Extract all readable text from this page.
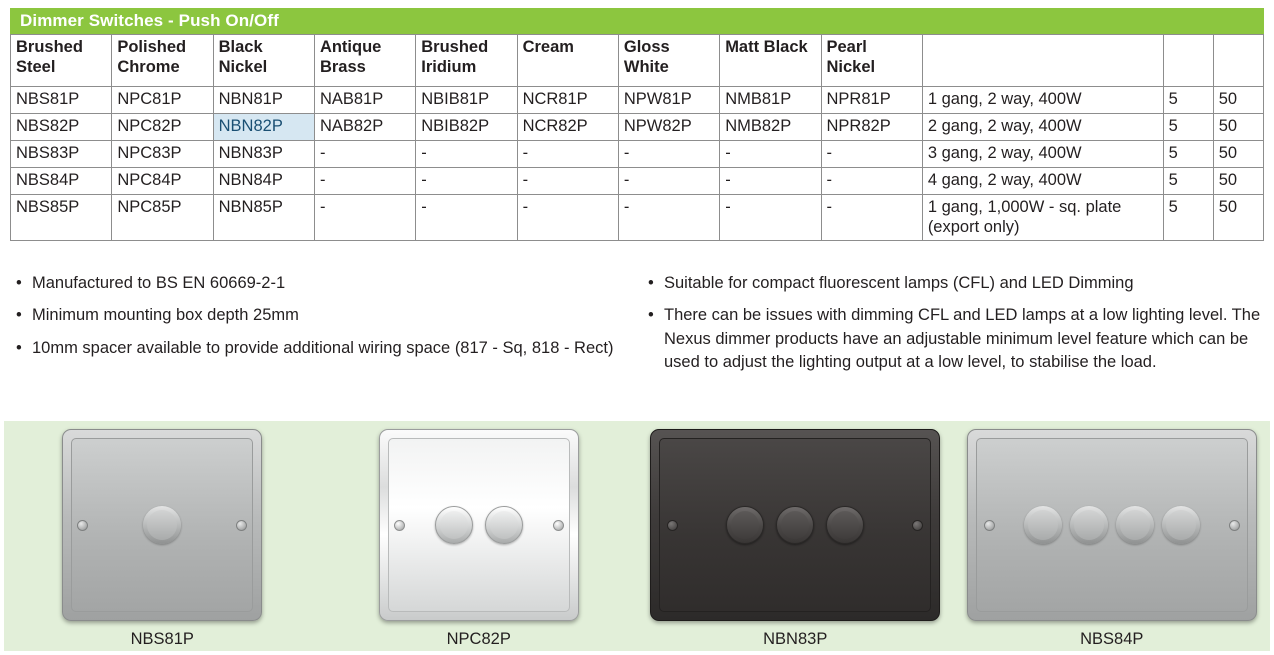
Dimmer Switches - Push On/Off
Brushed Steel	Polished Chrome	Black Nickel	Antique Brass	Brushed Iridium	Cream	Gloss White	Matt Black	Pearl Nickel			
NBS81P	NPC81P	NBN81P	NAB81P	NBIB81P	NCR81P	NPW81P	NMB81P	NPR81P	1 gang, 2 way, 400W	5	50
NBS82P	NPC82P	NBN82P	NAB82P	NBIB82P	NCR82P	NPW82P	NMB82P	NPR82P	2 gang, 2 way, 400W	5	50
NBS83P	NPC83P	NBN83P	-	-	-	-	-	-	3 gang, 2 way, 400W	5	50
NBS84P	NPC84P	NBN84P	-	-	-	-	-	-	4 gang, 2 way, 400W	5	50
NBS85P	NPC85P	NBN85P	-	-	-	-	-	-	1 gang, 1,000W - sq. plate (export only)	5	50
• Manufactured to BS EN 60669-2-1
• Minimum mounting box depth 25mm
• 10mm spacer available to provide additional wiring space (817 - Sq, 818 - Rect)
• Suitable for compact fluorescent lamps (CFL) and LED Dimming
• There can be issues with dimming CFL and LED lamps at a low lighting level. The Nexus dimmer products have an adjustable minimum level feature which can be used to adjust the lighting output at a low level, to stabilise the load.
NBS81P	NPC82P	NBN83P	NBS84P
